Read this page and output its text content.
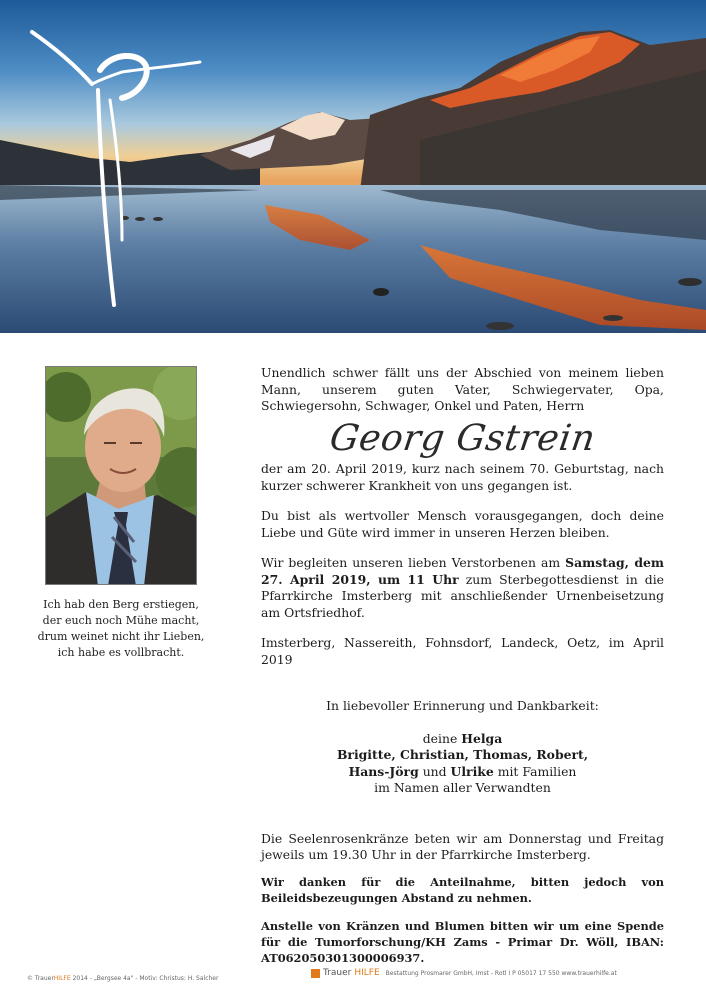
Ich hab den Berg erstiegen,
der euch noch Mühe macht,
drum weinet nicht ihr Lieben,
ich habe es vollbracht.

Unendlich schwer fällt uns der Abschied von meinem lieben Mann, unserem guten Vater, Schwiegervater, Opa, Schwiegersohn, Schwager, Onkel und Paten, Herrn

Georg Gstrein

der am 20. April 2019, kurz nach seinem 70. Geburtstag, nach kurzer schwerer Krankheit von uns gegangen ist.

Du bist als wertvoller Mensch vorausgegangen, doch deine Liebe und Güte wird immer in unseren Herzen bleiben.

Wir begleiten unseren lieben Verstorbenen am Samstag, dem 27. April 2019, um 11 Uhr zum Sterbegottesdienst in die Pfarrkirche Imsterberg mit anschließender Urnenbeisetzung am Ortsfriedhof.

Imsterberg, Nassereith, Fohnsdorf, Landeck, Oetz, im April 2019

In liebevoller Erinnerung und Dankbarkeit:

deine Helga
Brigitte, Christian, Thomas, Robert,
Hans-Jörg und Ulrike mit Familien
im Namen aller Verwandten

Die Seelenrosenkränze beten wir am Donnerstag und Freitag jeweils um 19.30 Uhr in der Pfarrkirche Imsterberg.

Wir danken für die Anteilnahme, bitten jedoch von Beileidsbezeugungen Abstand zu nehmen.

Anstelle von Kränzen und Blumen bitten wir um eine Spende für die Tumorforschung/KH Zams - Primar Dr. Wöll, IBAN: AT062050301300006937.

© TrauerHILFE 2014 - „Bergsee 4a" - Motiv: Christus: H. Salcher
Trauer HILFE Bestattung Prosmarer GmbH, Imst - Rotl I P 05017 17 550 www.trauerhilfe.at
